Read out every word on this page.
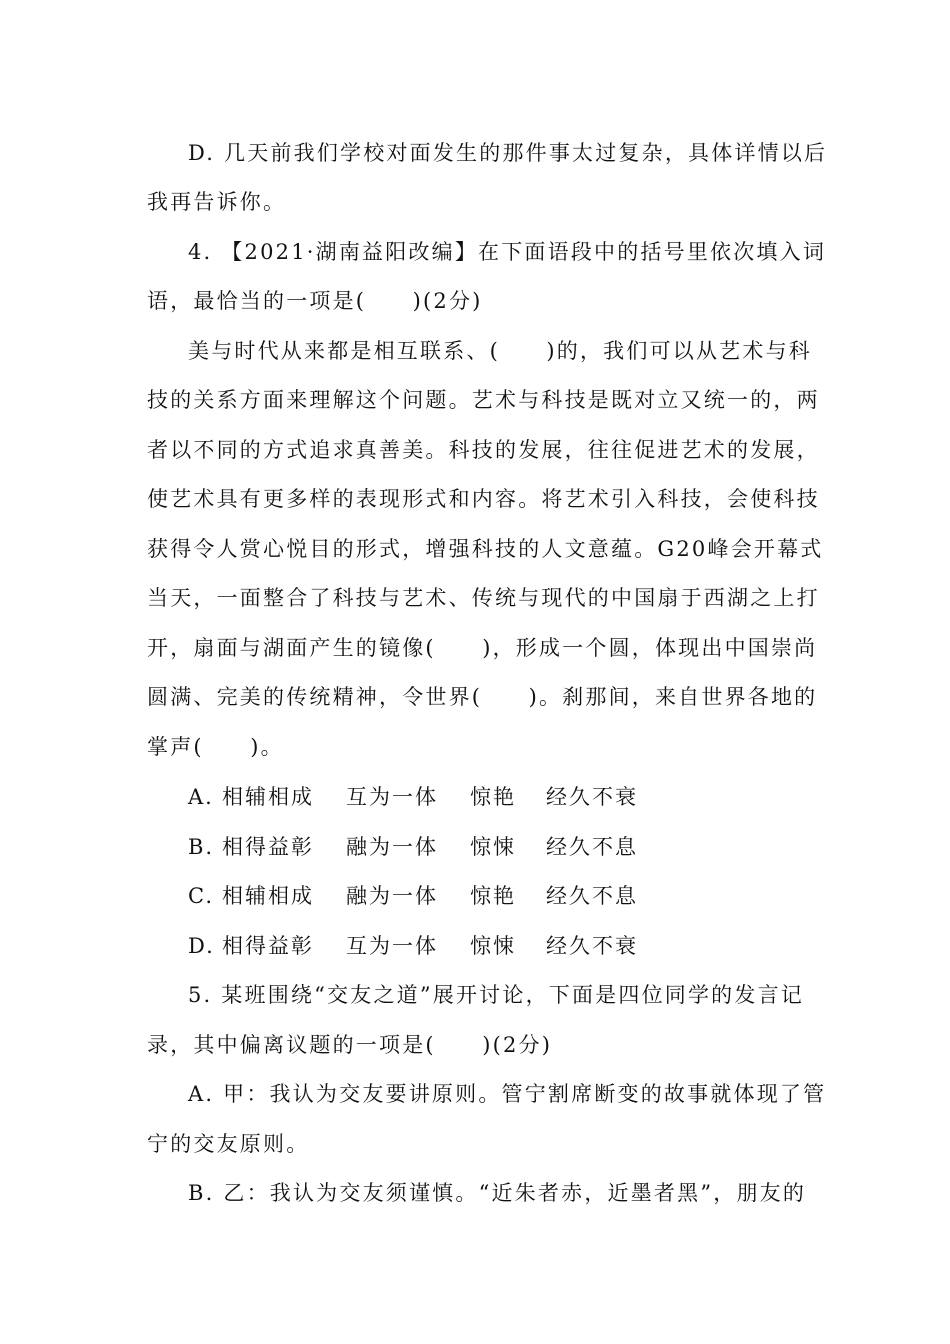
D. 几天前我们学校对面发生的那件事太过复杂，具体详情以后
我再告诉你。
4. 【2021·湖南益阳改编】在下面语段中的括号里依次填入词
语，最恰当的一项是(　　)(2分)
美与时代从来都是相互联系、(　　)的，我们可以从艺术与科
技的关系方面来理解这个问题。艺术与科技是既对立又统一的，两
者以不同的方式追求真善美。科技的发展，往往促进艺术的发展，
使艺术具有更多样的表现形式和内容。将艺术引入科技，会使科技
获得令人赏心悦目的形式，增强科技的人文意蕴。G20峰会开幕式
当天，一面整合了科技与艺术、传统与现代的中国扇于西湖之上打
开，扇面与湖面产生的镜像(　　)，形成一个圆，体现出中国崇尚
圆满、完美的传统精神，令世界(　　)。刹那间，来自世界各地的
掌声(　　)。
A. 相辅相成 互为一体 惊艳 经久不衰
B. 相得益彰 融为一体 惊悚 经久不息
C. 相辅相成 融为一体 惊艳 经久不息
D. 相得益彰 互为一体 惊悚 经久不衰
5. 某班围绕“交友之道”展开讨论，下面是四位同学的发言记
录，其中偏离议题的一项是(　　)(2分)
A. 甲：我认为交友要讲原则。管宁割席断变的故事就体现了管
宁的交友原则。
B. 乙：我认为交友须谨慎。“近朱者赤，近墨者黑”，朋友的
